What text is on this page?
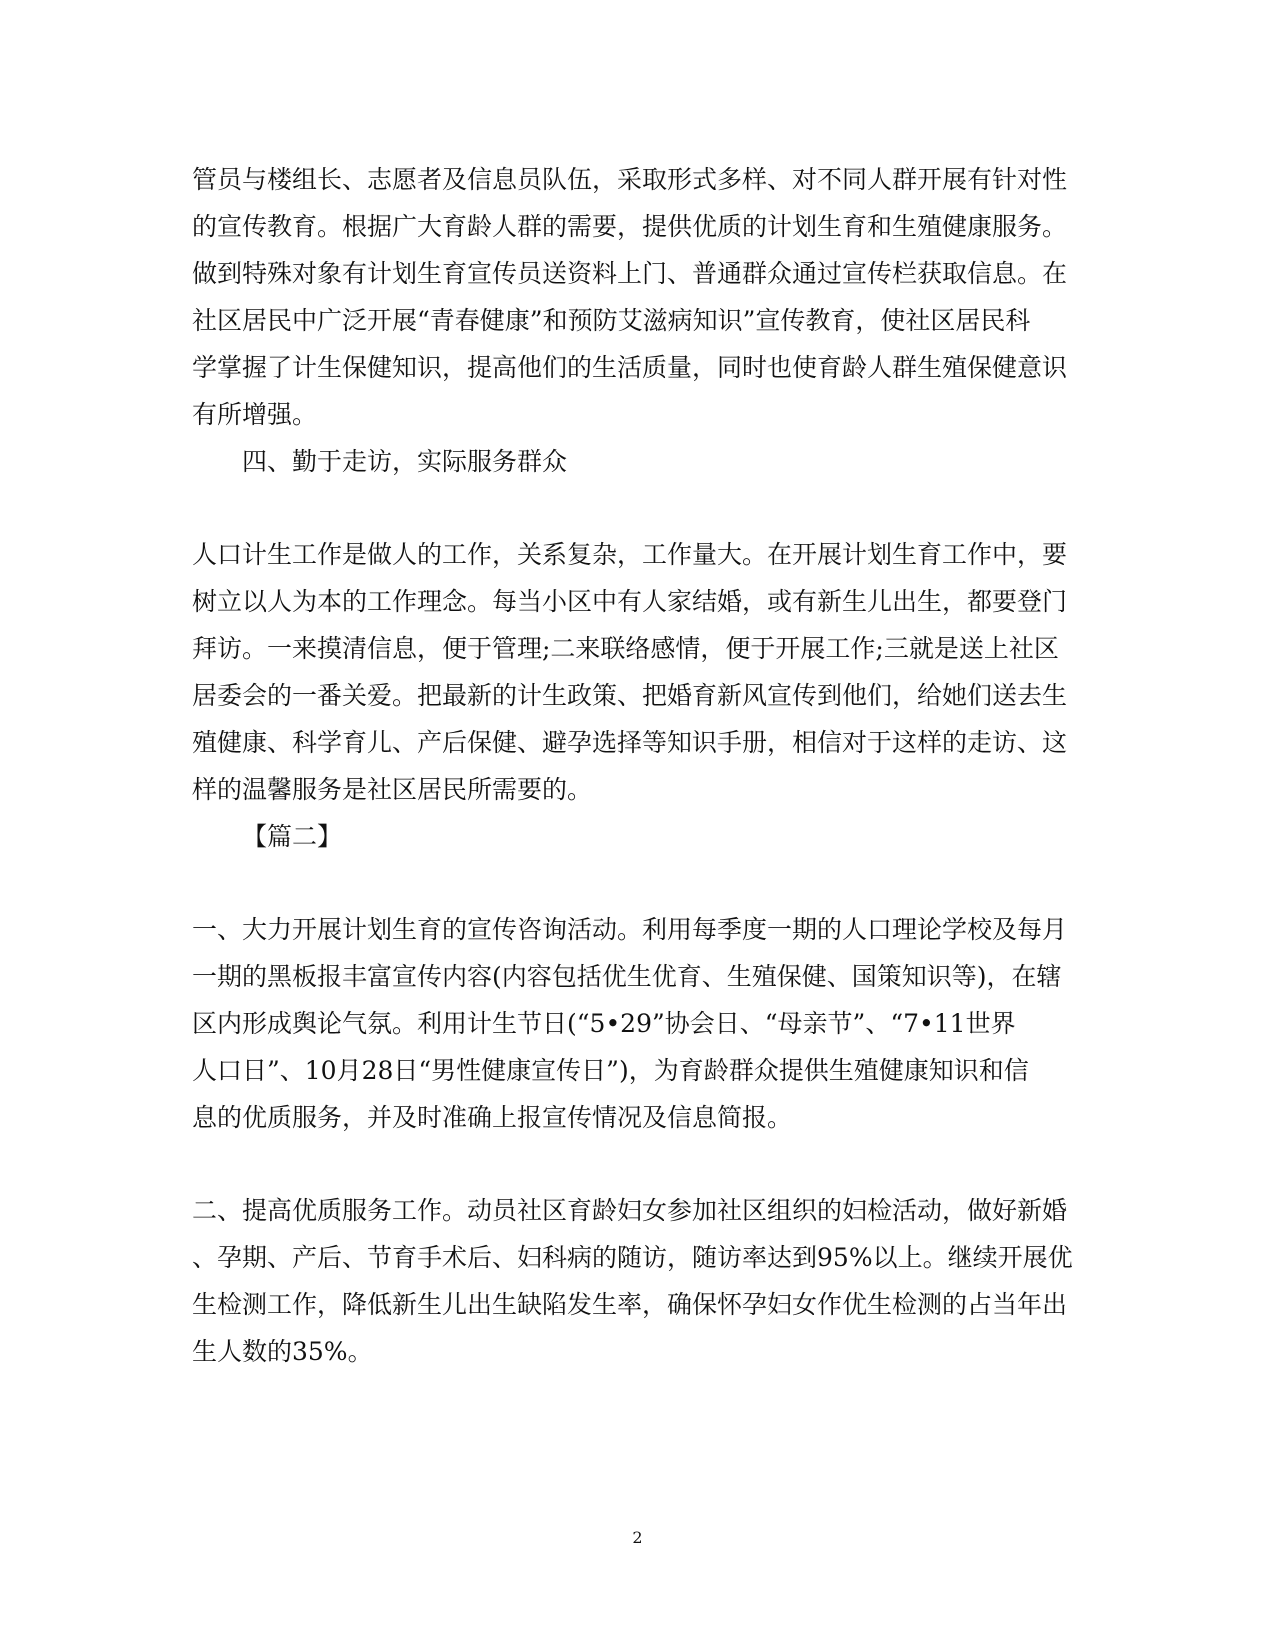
管员与楼组长、志愿者及信息员队伍，采取形式多样、对不同人群开展有针对性
的宣传教育。根据广大育龄人群的需要，提供优质的计划生育和生殖健康服务。
做到特殊对象有计划生育宣传员送资料上门、普通群众通过宣传栏获取信息。在
社区居民中广泛开展“青春健康”和预防艾滋病知识”宣传教育，使社区居民科
学掌握了计生保健知识，提高他们的生活质量，同时也使育龄人群生殖保健意识
有所增强。
四、勤于走访，实际服务群众
人口计生工作是做人的工作，关系复杂，工作量大。在开展计划生育工作中，要
树立以人为本的工作理念。每当小区中有人家结婚，或有新生儿出生，都要登门
拜访。一来摸清信息，便于管理;二来联络感情，便于开展工作;三就是送上社区
居委会的一番关爱。把最新的计生政策、把婚育新风宣传到他们，给她们送去生
殖健康、科学育儿、产后保健、避孕选择等知识手册，相信对于这样的走访、这
样的温馨服务是社区居民所需要的。
【篇二】
一、大力开展计划生育的宣传咨询活动。利用每季度一期的人口理论学校及每月
一期的黑板报丰富宣传内容(内容包括优生优育、生殖保健、国策知识等)，在辖
区内形成舆论气氛。利用计生节日(“5•29”协会日、“母亲节”、“7•11世界
人口日”、10月28日“男性健康宣传日”)，为育龄群众提供生殖健康知识和信
息的优质服务，并及时准确上报宣传情况及信息简报。
二、提高优质服务工作。动员社区育龄妇女参加社区组织的妇检活动，做好新婚
、孕期、产后、节育手术后、妇科病的随访，随访率达到95%以上。继续开展优
生检测工作，降低新生儿出生缺陷发生率，确保怀孕妇女作优生检测的占当年出
生人数的35%。
2
